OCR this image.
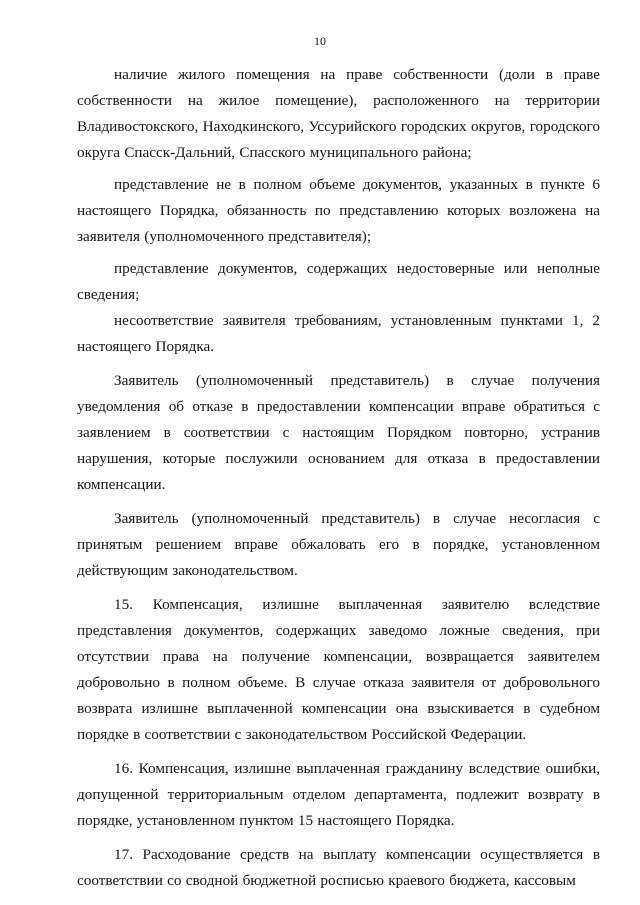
10

наличие жилого помещения на праве собственности (доли в праве собственности на жилое помещение), расположенного на территории Владивостокского, Находкинского, Уссурийского городских округов, городского округа Спасск-Дальний, Спасского муниципального района;

представление не в полном объеме документов, указанных в пункте 6 настоящего Порядка, обязанность по представлению которых возложена на заявителя (уполномоченного представителя);

представление документов, содержащих недостоверные или неполные сведения;

несоответствие заявителя требованиям, установленным пунктами 1, 2 настоящего Порядка.

Заявитель (уполномоченный представитель) в случае получения уведомления об отказе в предоставлении компенсации вправе обратиться с заявлением в соответствии с настоящим Порядком повторно, устранив нарушения, которые послужили основанием для отказа в предоставлении компенсации.

Заявитель (уполномоченный представитель) в случае несогласия с принятым решением вправе обжаловать его в порядке, установленном действующим законодательством.

15. Компенсация, излишне выплаченная заявителю вследствие представления документов, содержащих заведомо ложные сведения, при отсутствии права на получение компенсации, возвращается заявителем добровольно в полном объеме. В случае отказа заявителя от добровольного возврата излишне выплаченной компенсации она взыскивается в судебном порядке в соответствии с законодательством Российской Федерации.

16. Компенсация, излишне выплаченная гражданину вследствие ошибки, допущенной территориальным отделом департамента, подлежит возврату в порядке, установленном пунктом 15 настоящего Порядка.

17. Расходование средств на выплату компенсации осуществляется в соответствии со сводной бюджетной росписью краевого бюджета, кассовым
